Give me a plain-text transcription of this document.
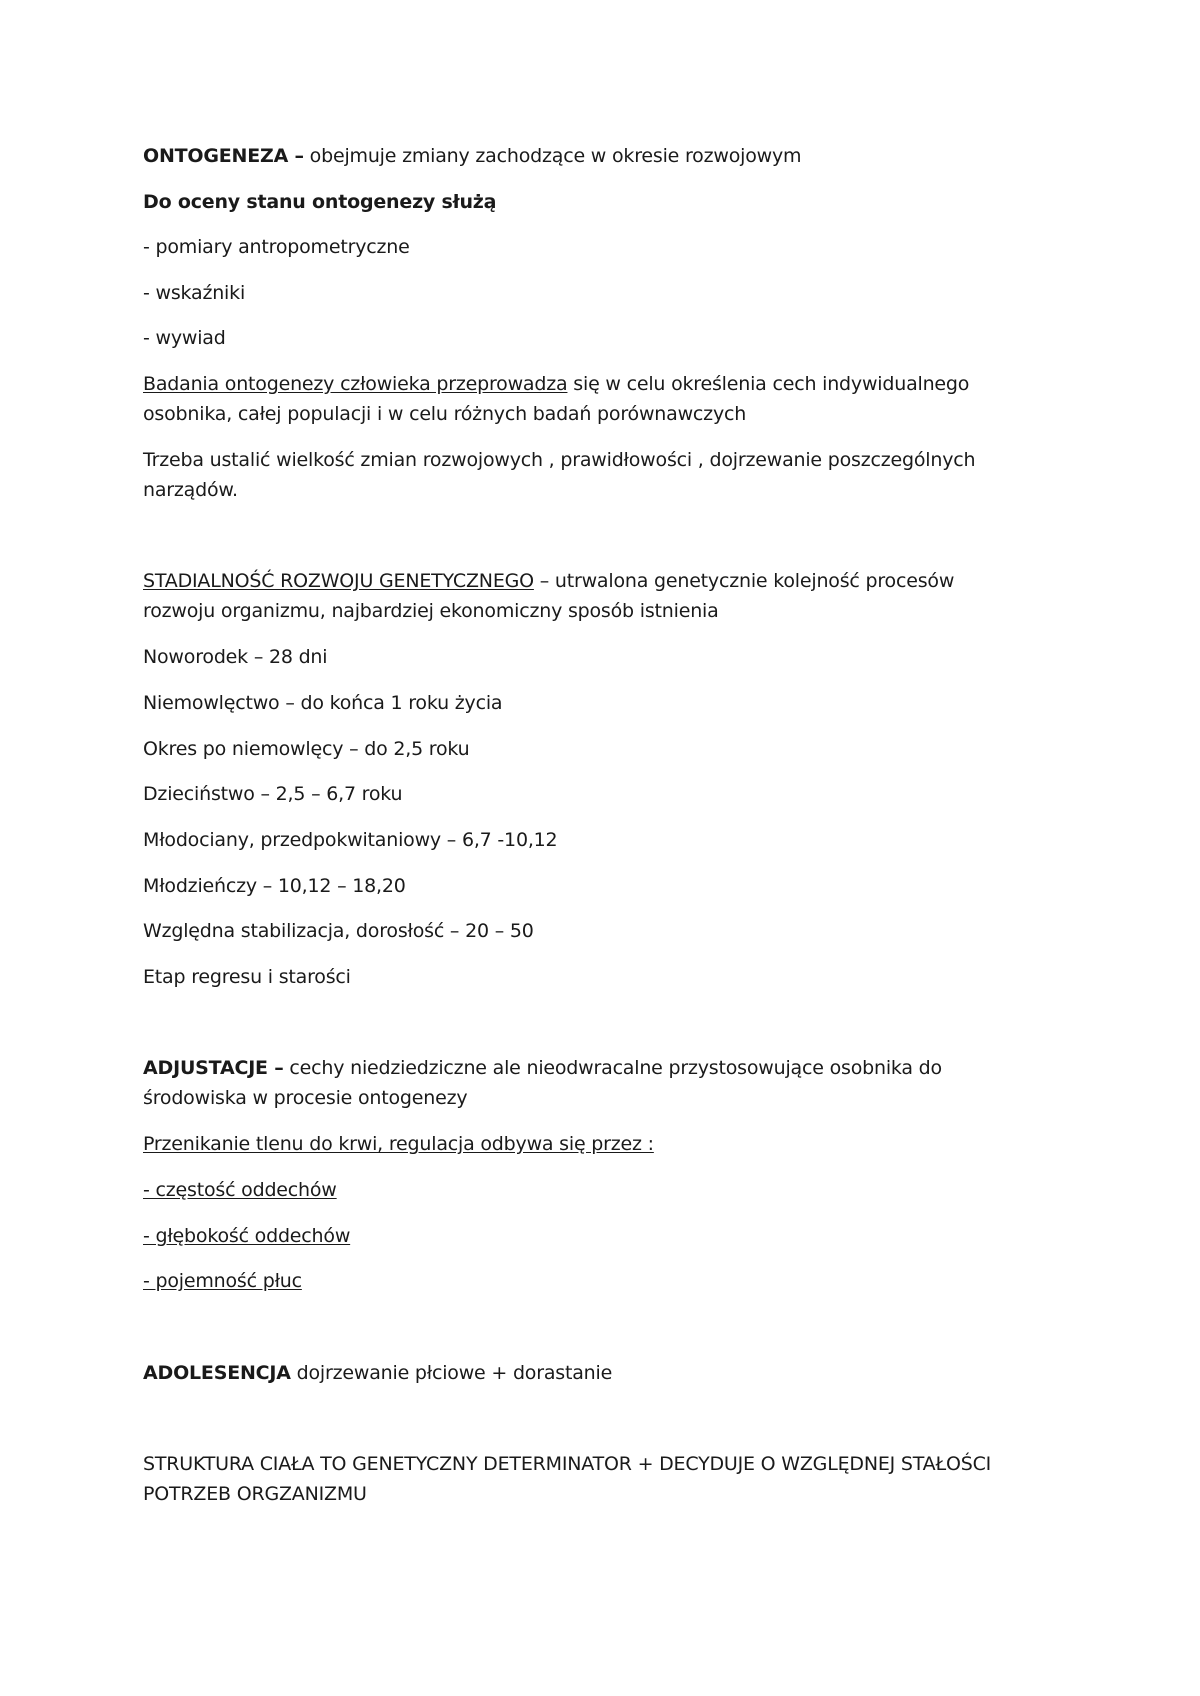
ONTOGENEZA – obejmuje zmiany zachodzące w okresie rozwojowym
Do oceny stanu ontogenezy służą
- pomiary antropometryczne
- wskaźniki
- wywiad
Badania ontogenezy człowieka przeprowadza się w celu określenia cech indywidualnego
osobnika, całej populacji i w celu różnych badań porównawczych
Trzeba ustalić wielkość zmian rozwojowych , prawidłowości , dojrzewanie poszczególnych
narządów.
STADIALNOŚĆ ROZWOJU GENETYCZNEGO – utrwalona genetycznie kolejność procesów
rozwoju organizmu, najbardziej ekonomiczny sposób istnienia
Noworodek – 28 dni
Niemowlęctwo – do końca 1 roku życia
Okres po niemowlęcy – do 2,5 roku
Dzieciństwo – 2,5 – 6,7 roku
Młodociany, przedpokwitaniowy – 6,7 -10,12
Młodzieńczy – 10,12 – 18,20
Względna stabilizacja, dorosłość – 20 – 50
Etap regresu i starości
ADJUSTACJE – cechy niedziedziczne ale nieodwracalne przystosowujące osobnika do
środowiska w procesie ontogenezy
Przenikanie tlenu do krwi, regulacja odbywa się przez :
- częstość oddechów
- głębokość oddechów
- pojemność płuc
ADOLESENCJA dojrzewanie płciowe + dorastanie
STRUKTURA CIAŁA TO GENETYCZNY DETERMINATOR + DECYDUJE O WZGLĘDNEJ STAŁOŚCI
POTRZEB ORGZANIZMU
